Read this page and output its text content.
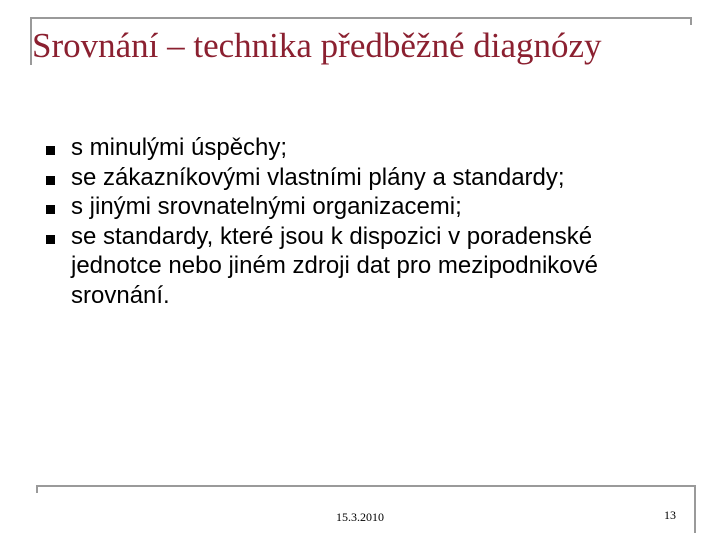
Srovnání – technika předběžné diagnózy
s minulými úspěchy;
se zákazníkovými vlastními plány a standardy;
s jinými srovnatelnými organizacemi;
se standardy, které jsou k dispozici v poradenské jednotce nebo jiném zdroji dat pro mezipodnikové srovnání.
15.3.2010	13
